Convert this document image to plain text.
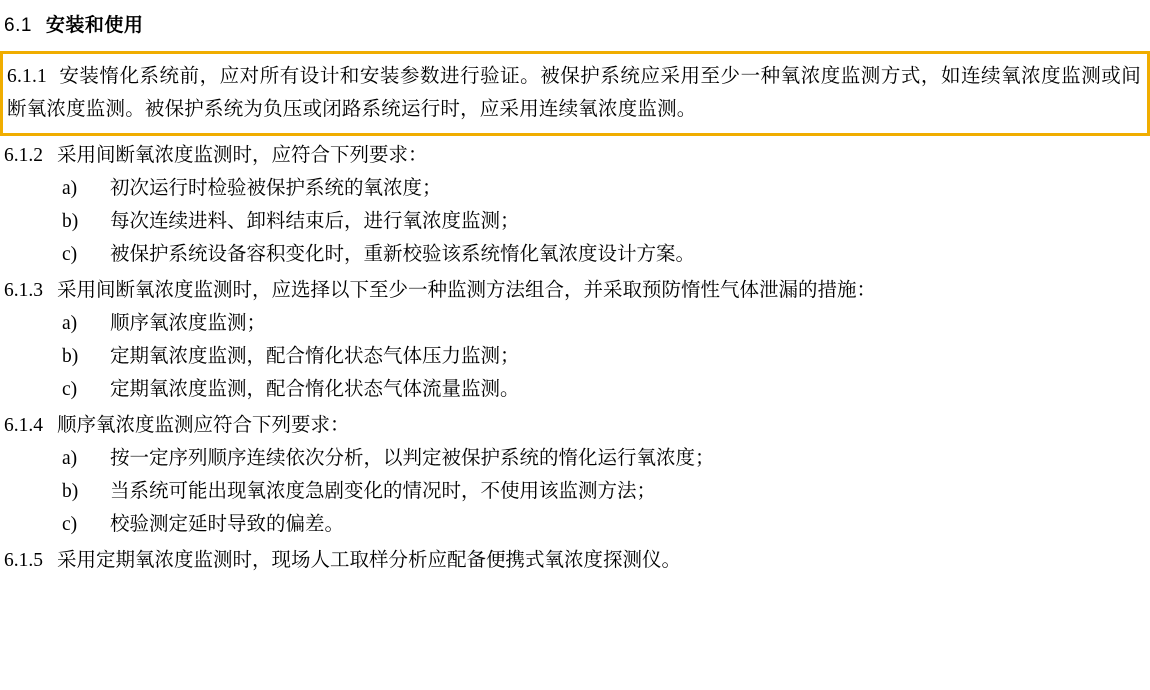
6.1 安装和使用
6.1.1 安装惰化系统前，应对所有设计和安装参数进行验证。被保护系统应采用至少一种氧浓度监测方式，如连续氧浓度监测或间断氧浓度监测。被保护系统为负压或闭路系统运行时，应采用连续氧浓度监测。
6.1.2 采用间断氧浓度监测时，应符合下列要求：
a)	初次运行时检验被保护系统的氧浓度；
b)	每次连续进料、卸料结束后，进行氧浓度监测；
c)	被保护系统设备容积变化时，重新校验该系统惰化氧浓度设计方案。
6.1.3 采用间断氧浓度监测时，应选择以下至少一种监测方法组合，并采取预防惰性气体泄漏的措施：
a)	顺序氧浓度监测；
b)	定期氧浓度监测，配合惰化状态气体压力监测；
c)	定期氧浓度监测，配合惰化状态气体流量监测。
6.1.4 顺序氧浓度监测应符合下列要求：
a)	按一定序列顺序连续依次分析，以判定被保护系统的惰化运行氧浓度；
b)	当系统可能出现氧浓度急剧变化的情况时，不使用该监测方法；
c)	校验测定延时导致的偏差。
6.1.5 采用定期氧浓度监测时，现场人工取样分析应配备便携式氧浓度探测仪。
